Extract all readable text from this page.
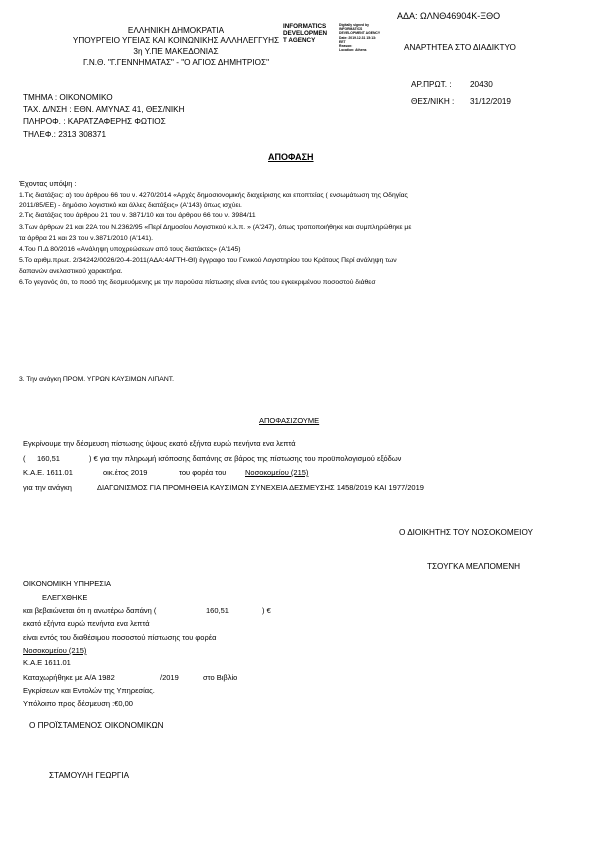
ΑΔΑ: ΩΛΝΘ46904Κ-ΞΘΟ
ΕΛΛΗΝΙΚΗ ΔΗΜΟΚΡΑΤΙΑ
ΥΠΟΥΡΓΕΙΟ ΥΓΕΙΑΣ ΚΑΙ ΚΟΙΝΩΝΙΚΗΣ ΑΛΛΗΛΕΓΓΥΗΣ
3η Υ.ΠΕ ΜΑΚΕΔΟΝΙΑΣ
Γ.Ν.Θ. "Γ.ΓΕΝΝΗΜΑΤΑΣ" - "Ο ΑΓΙΟΣ ΔΗΜΗΤΡΙΟΣ"
INFORMATICS
DEVELOPMEN
T AGENCY
Digitally signed by
INFORMATICS
DEVELOPMENT AGENCY
Date: 2019.12.31 15:13:
EET
Reason:
Location: Athens	ΑΝΑΡΤΗΤΕΑ ΣΤΟ ΔΙΑΔΙΚΤΥΟ
ΑΡ.ΠΡΩΤ. : 20430
ΘΕΣ/ΝΙΚΗ : 31/12/2019
ΤΜΗΜΑ : ΟΙΚΟΝΟΜΙΚΟ
ΤΑΧ. Δ/ΝΣΗ : ΕΘΝ. ΑΜΥΝΑΣ 41, ΘΕΣ/ΝΙΚΗ
ΠΛΗΡΟΦ. : ΚΑΡΑΤΖΑΦΕΡΗΣ ΦΩΤΙΟΣ
ΤΗΛΕΦ.: 2313 308371
ΑΠΟΦΑΣΗ
Έχοντας υπόψη :
1.Τις διατάξεις: α) του άρθρου 66 του ν. 4270/2014 «Αρχές δημοσιονομικής διαχείρισης και εποπτείας ( ενσωμάτωση της Οδηγίας
2011/85/ΕΕ) - δημόσιο λογιστικό και άλλες διατάξεις» (Α'143) όπως ισχύει.
2.Τις διατάξεις του άρθρου 21 του ν. 3871/10 και του άρθρου 66 του ν. 3984/11
3.Των άρθρων 21 και 22Α του Ν.2362/95 «Περί Δημοσίου Λογιστικού κ.λ.π. » (Α'247), όπως τροποποιήθηκε και συμπληρώθηκε με
τα άρθρα 21 και 23 του ν.3871/2010 (Α'141).
4.Του Π.Δ 80/2016 «Ανάληψη υποχρεώσεων από τους διατάκτες» (Α'145)
5.Το αριθμ.πρωτ. 2/34242/0026/20-4-2011(ΑΔΑ:4ΑΓΤΗ-ΘΙ) έγγραφο του Γενικού Λογιστηρίου του Κράτους Περί ανάληψη των
δαπανών ανελαστικού χαρακτήρα.
6.Το γεγονός ότι, το ποσό της δεσμευόμενης με την παρούσα πίστωσης είναι εντός του εγκεκριμένου ποσοστού διάθεσ
3. Την ανάγκη ΠΡΟΜ. ΥΓΡΩΝ ΚΑΥΣΙΜΩΝ ΛΙΠΑΝΤ.
ΑΠΟΦΑΣΙΖΟΥΜΕ
Εγκρίνουμε την δέσμευση πίστωσης ύψους εκατό εξήντα ευρώ πενήντα ενα λεπτά
( 160,51	) € για την πληρωμή ισόποσης δαπάνης σε βάρος της πίστωσης του προϋπολογισμού εξόδων
Κ.Α.Ε. 1611.01	οικ.έτος 2019	του φορέα του Νοσοκομείου (215)
για την ανάγκη	ΔΙΑΓΩΝΙΣΜΟΣ ΓΙΑ ΠΡΟΜΗΘΕΙΑ ΚΑΥΣΙΜΩΝ ΣΥΝΕΧΕΙΑ ΔΕΣΜΕΥΣΗΣ 1458/2019 ΚΑΙ 1977/2019
Ο ΔΙΟΙΚΗΤΗΣ ΤΟΥ ΝΟΣΟΚΟΜΕΙΟΥ
ΤΣΟΥΓΚΑ ΜΕΛΠΟΜΕΝΗ
ΟΙΚΟΝΟΜΙΚΗ ΥΠΗΡΕΣΙΑ
ΕΛΕΓΧΘΗΚΕ
και βεβαιώνεται ότι η ανωτέρω δαπάνη (	160,51	) €
εκατό εξήντα ευρώ πενήντα ενα λεπτά
είναι εντός του διαθέσιμου ποσοστού πίστωσης του φορέα
Νοσοκομείου (215)
Κ.Α.Ε 1611.01
Καταχωρήθηκε με Α/Α 1982	/2019	στο Βιβλίο
Εγκρίσεων και Εντολών της Υπηρεσίας.
Υπόλοιπο προς δέσμευση :€0,00
Ο ΠΡΟΪΣΤΑΜΕΝΟΣ ΟΙΚΟΝΟΜΙΚΩΝ
ΣΤΑΜΟΥΛΗ ΓΕΩΡΓΙΑ
